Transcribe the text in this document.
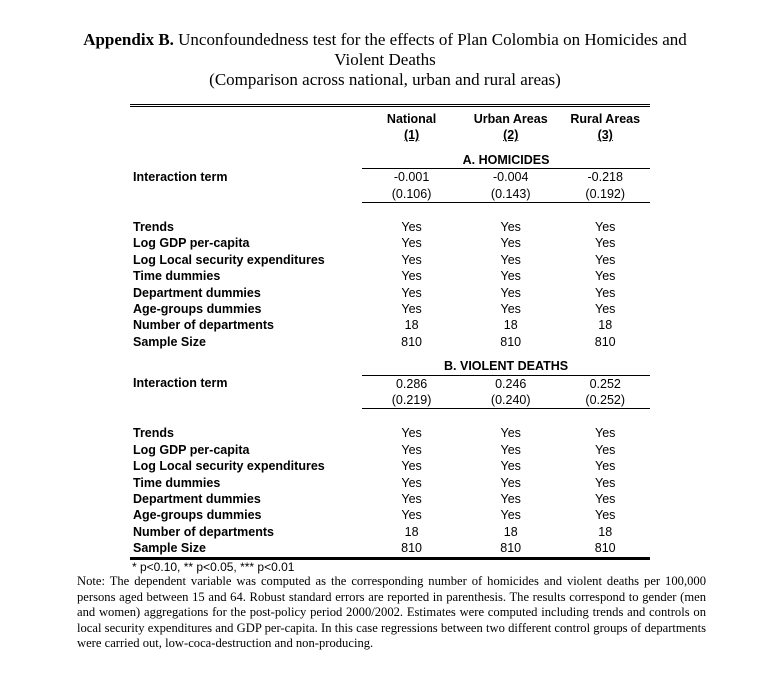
Appendix B. Unconfoundedness test for the effects of Plan Colombia on Homicides and
Violent Deaths
(Comparison across national, urban and rural areas)

	National	Urban Areas	Rural Areas
	(1)	(2)	(3)

	A. HOMICIDES		
Interaction term	-0.001	-0.004	-0.218
	(0.106)	(0.143)	(0.192)

Trends	Yes	Yes	Yes
Log GDP per-capita	Yes	Yes	Yes
Log Local security expenditures	Yes	Yes	Yes
Time dummies	Yes	Yes	Yes
Department dummies	Yes	Yes	Yes
Age-groups dummies	Yes	Yes	Yes
Number of departments	18	18	18
Sample Size	810	810	810

	B. VIOLENT DEATHS		
Interaction term	0.286	0.246	0.252
	(0.219)	(0.240)	(0.252)

Trends	Yes	Yes	Yes
Log GDP per-capita	Yes	Yes	Yes
Log Local security expenditures	Yes	Yes	Yes
Time dummies	Yes	Yes	Yes
Department dummies	Yes	Yes	Yes
Age-groups dummies	Yes	Yes	Yes
Number of departments	18	18	18
Sample Size	810	810	810
* p<0.10, ** p<0.05, *** p<0.01
Note: The dependent variable was computed as the corresponding number of homicides and violent deaths per 100,000 persons aged between 15 and 64. Robust standard errors are reported in parenthesis. The results correspond to gender (men and women) aggregations for the post-policy period 2000/2002. Estimates were computed including trends and controls on local security expenditures and GDP per-capita. In this case regressions between two different control groups of departments were carried out, low-coca-destruction and non-producing.
